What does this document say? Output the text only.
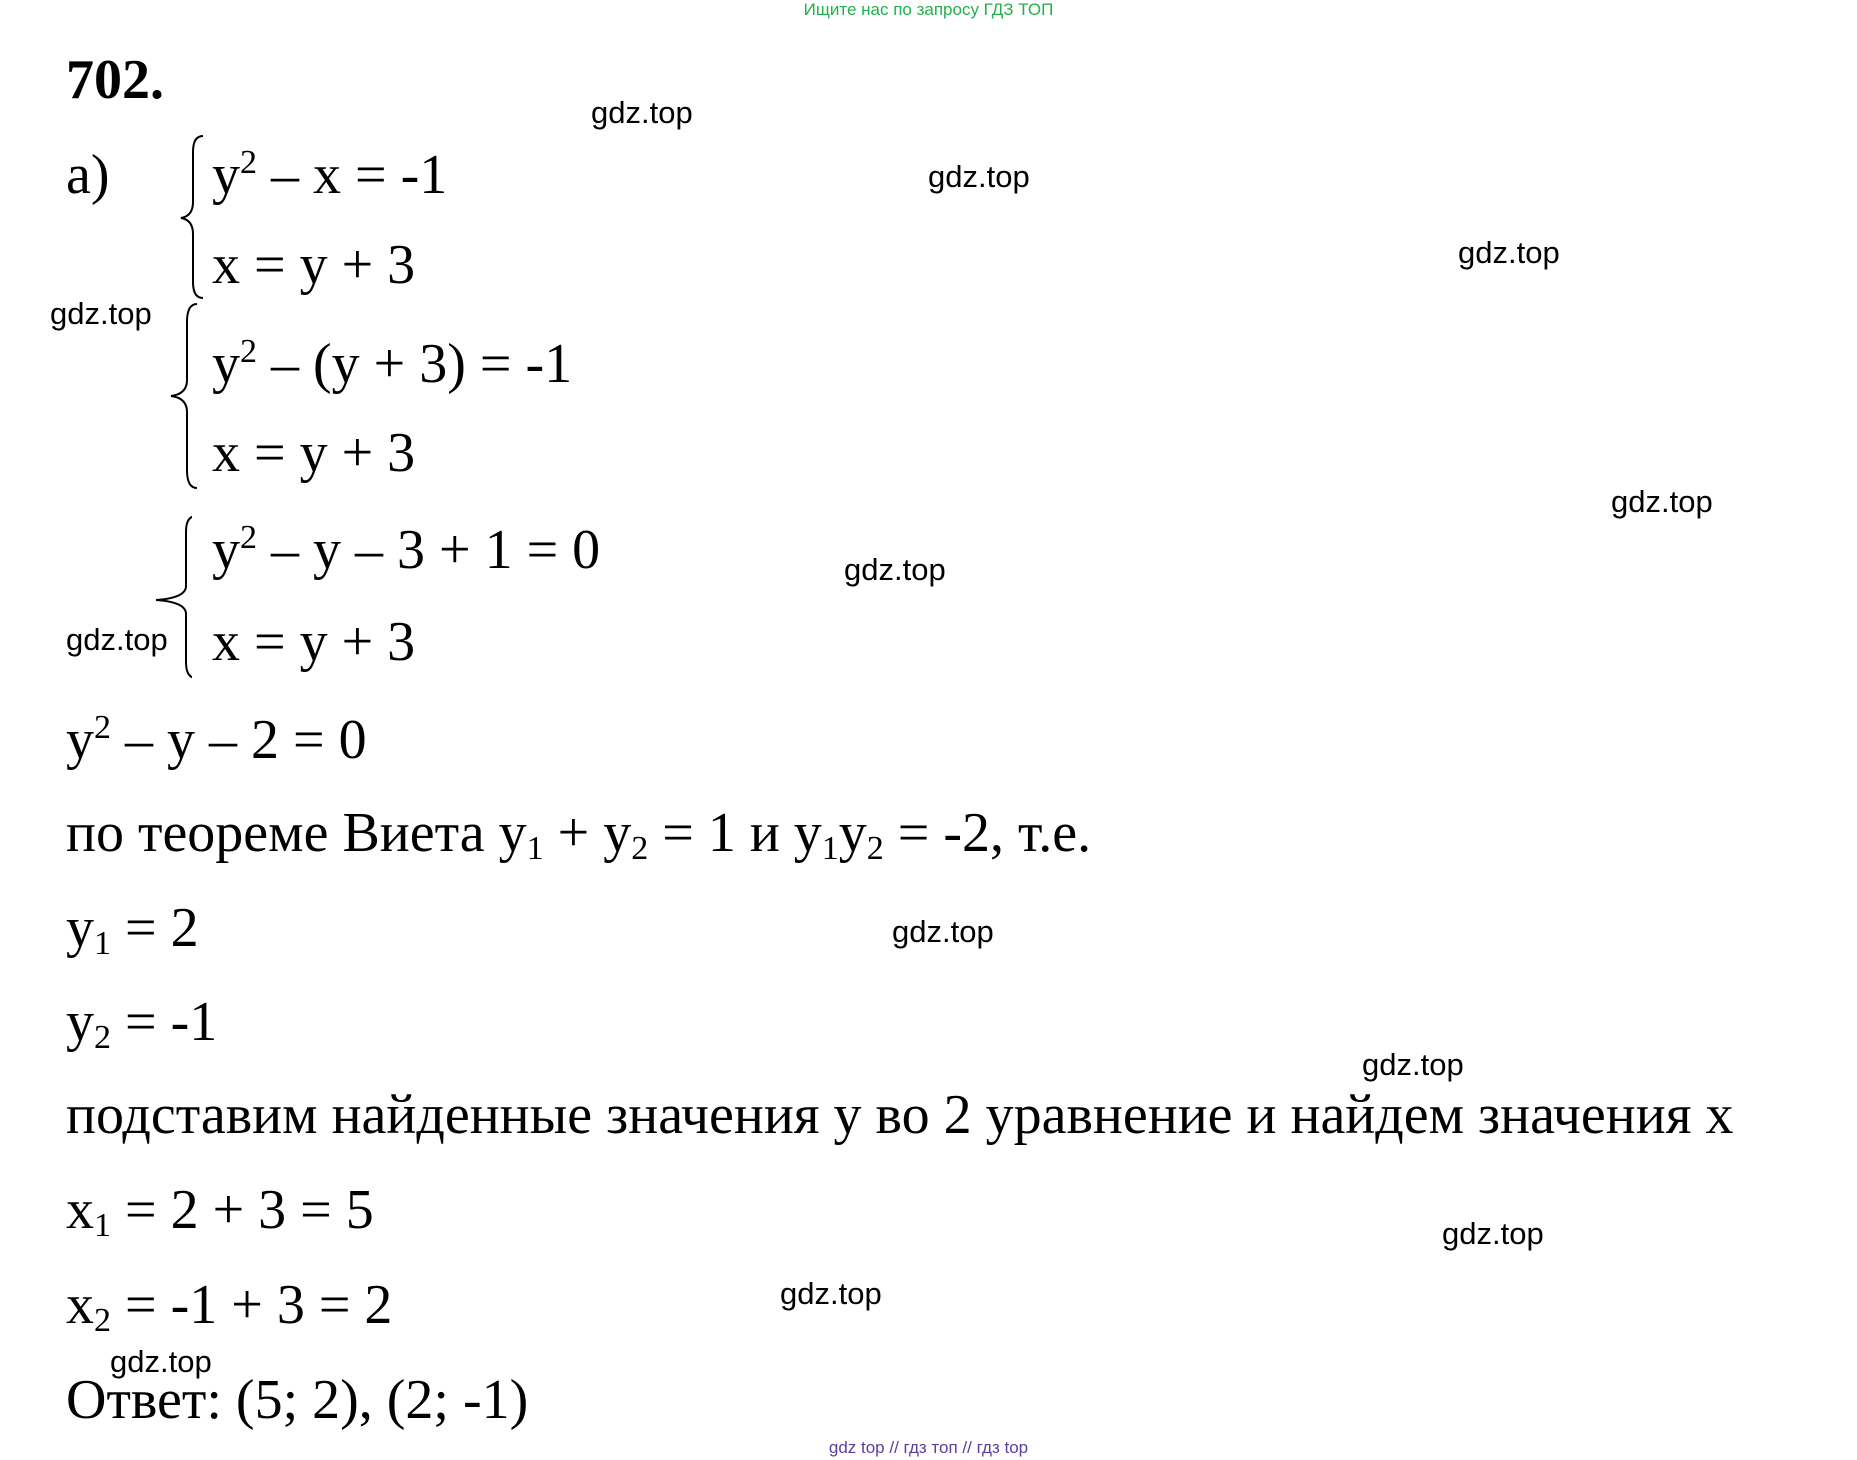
Ищите нас по запросу ГДЗ ТОП
gdz top // гдз топ // гдз top
702.
а) $y^2 - x = -1$
x = y + 3
$y^2 - (y + 3) = -1$
x = y + 3
$y^2 - y - 3 + 1 = 0$
x = y + 3
$y^2 - y - 2 = 0$
по теореме Виета $y_1 + y_2 = 1$ и $y_1y_2 = -2$, т.е.
$y_1 = 2$
$y_2 = -1$
подставим найденные значения y во 2 уравнение и найдем значения x
$x_1 = 2 + 3 = 5$
$x_2 = -1 + 3 = 2$
Ответ: (5; 2), (2; -1)
gdz.top
gdz.top
gdz.top
gdz.top
gdz.top
gdz.top
gdz.top
gdz.top
gdz.top
gdz.top
gdz.top
gdz.top
